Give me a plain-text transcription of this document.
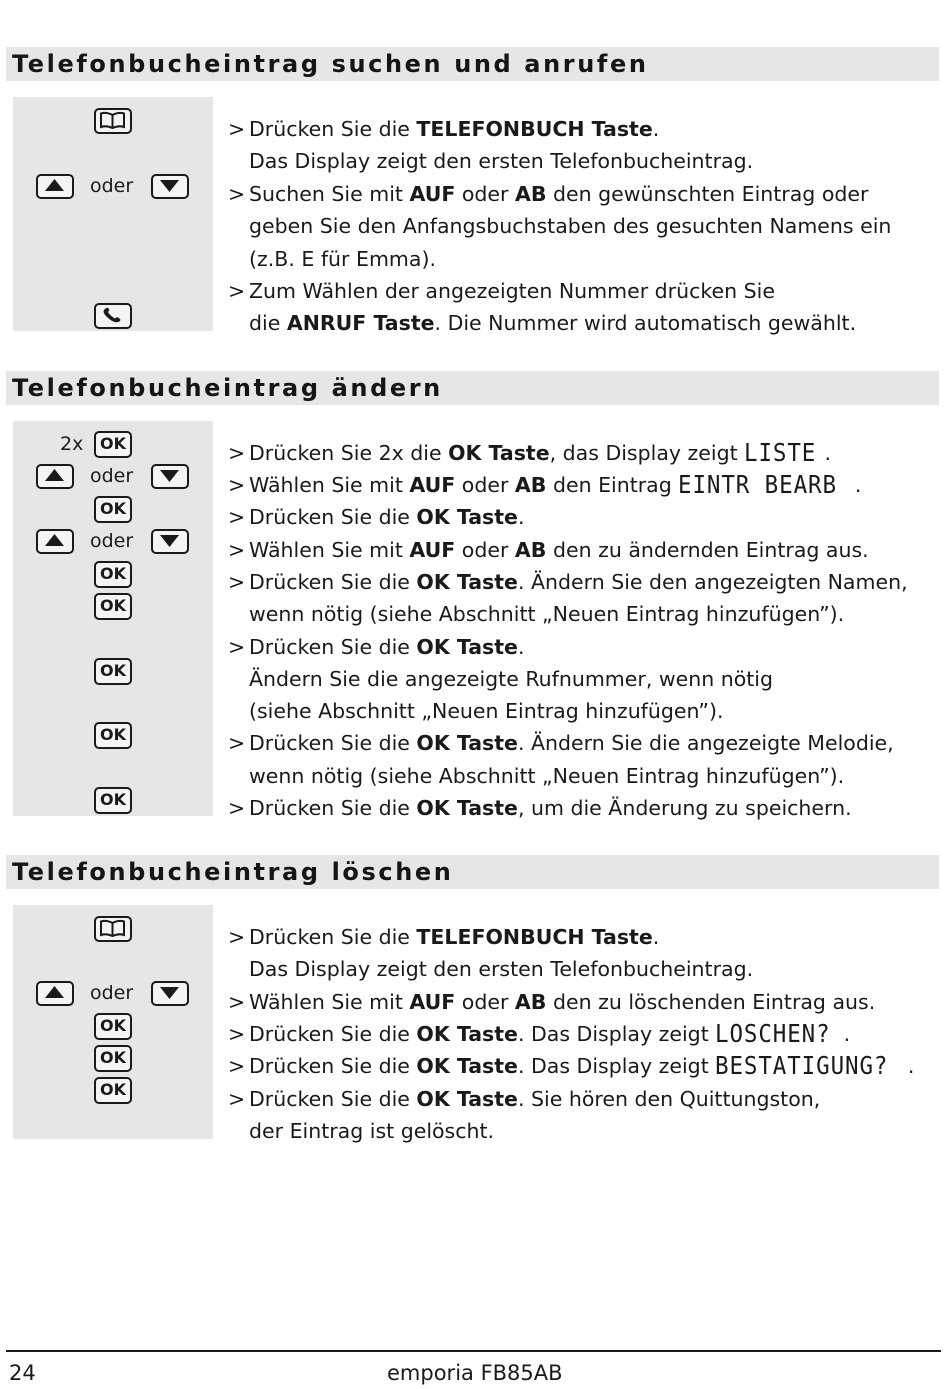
Telefonbucheintrag suchen und anrufen
oder
> Drücken Sie die TELEFONBUCH Taste.
Das Display zeigt den ersten Telefonbucheintrag.
> Suchen Sie mit AUF oder AB den gewünschten Eintrag oder
geben Sie den Anfangsbuchstaben des gesuchten Namens ein
(z.B. E für Emma).
> Zum Wählen der angezeigten Nummer drücken Sie
die ANRUF Taste. Die Nummer wird automatisch gewählt.
Telefonbucheintrag ändern
2x	OK
oder
OK
oder
OK
OK
OK
OK
OK
> Drücken Sie 2x die OK Taste, das Display zeigt LISTE .
> Wählen Sie mit AUF oder AB den Eintrag EINTR BEARB .
> Drücken Sie die OK Taste.
> Wählen Sie mit AUF oder AB den zu ändernden Eintrag aus.
> Drücken Sie die OK Taste. Ändern Sie den angezeigten Namen,
wenn nötig (siehe Abschnitt „Neuen Eintrag hinzufügen”).
> Drücken Sie die OK Taste.
Ändern Sie die angezeigte Rufnummer, wenn nötig
(siehe Abschnitt „Neuen Eintrag hinzufügen”).
> Drücken Sie die OK Taste. Ändern Sie die angezeigte Melodie,
wenn nötig (siehe Abschnitt „Neuen Eintrag hinzufügen”).
> Drücken Sie die OK Taste, um die Änderung zu speichern.
Telefonbucheintrag löschen
oder
OK
OK
OK
> Drücken Sie die TELEFONBUCH Taste.
Das Display zeigt den ersten Telefonbucheintrag.
> Wählen Sie mit AUF oder AB den zu löschenden Eintrag aus.
> Drücken Sie die OK Taste. Das Display zeigt LOSCHEN? .
> Drücken Sie die OK Taste. Das Display zeigt BESTATIGUNG? .
> Drücken Sie die OK Taste. Sie hören den Quittungston,
der Eintrag ist gelöscht.
24	emporia FB85AB
